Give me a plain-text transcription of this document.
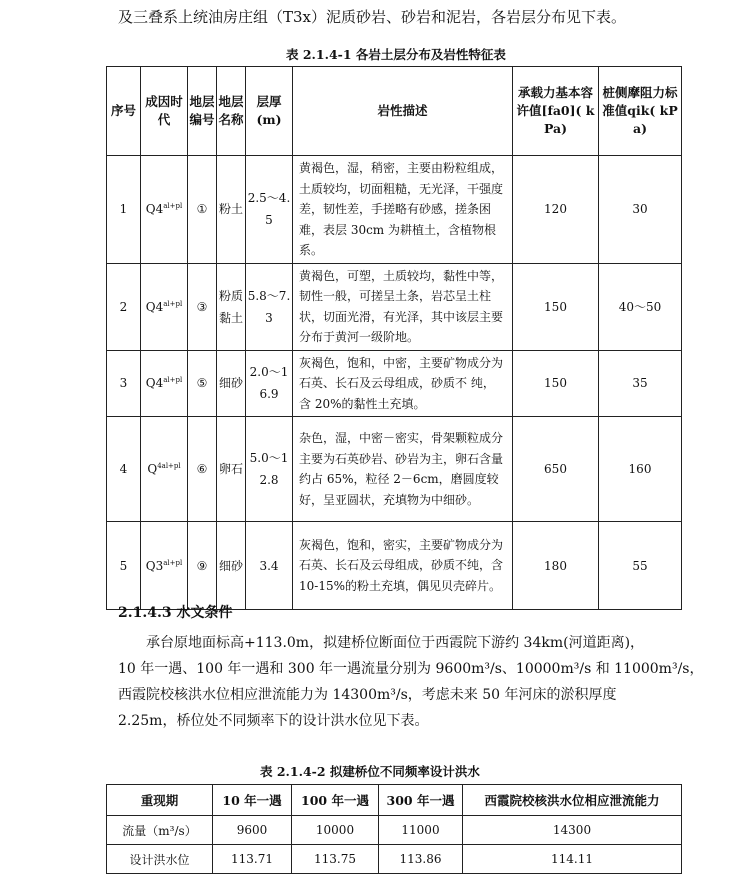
及三叠系上统油房庄组（T3x）泥质砂岩、砂岩和泥岩，各岩层分布见下表。
表 2.1.4-1 各岩土层分布及岩性特征表
序号	成因时代	地层编号	地层名称	层厚(m)	岩性描述	承载力基本容许值[fa0]( kPa)	桩侧摩阻力标准值qik( kPa)
1	$Q4^{al+pl}$	①	粉土	2.5～4.5	黄褐色，湿，稍密，主要由粉粒组成，土质较均，切面粗糙，无光泽，干强度差，韧性差，手搓略有砂感，搓条困难，表层 30cm 为耕植土，含植物根系。	120	30
2	$Q4^{al+pl}$	③	粉质黏土	5.8～7.3	黄褐色，可塑，土质较均，黏性中等，韧性一般，可搓呈土条，岩芯呈土柱状，切面光滑，有光泽，其中该层主要分布于黄河一级阶地。	150	40～50
3	$Q4^{al+pl}$	⑤	细砂	2.0～16.9	灰褐色，饱和，中密，主要矿物成分为石英、长石及云母组成，砂质不 纯，含 20%的黏性土充填。	150	35
4	$Q^{4al+pl}$	⑥	卵石	5.0～12.8	杂色，湿，中密－密实，骨架颗粒成分主要为石英砂岩、砂岩为主，卵石含量约占 65%，粒径 2－6cm，磨圆度较好，呈亚圆状，充填物为中细砂。	650	160
5	$Q3^{al+pl}$	⑨	细砂	3.4	灰褐色，饱和，密实，主要矿物成分为石英、长石及云母组成，砂质不纯，含 10-15%的粉土充填，偶见贝壳碎片。	180	55
2.1.4.3 水文条件
承台原地面标高+113.0m，拟建桥位断面位于西霞院下游约 34km(河道距离)，
10 年一遇、100 年一遇和 300 年一遇流量分别为 9600m³/s、10000m³/s 和 11000m³/s，
西霞院校核洪水位相应泄流能力为 14300m³/s，考虑未来 50 年河床的淤积厚度
2.25m，桥位处不同频率下的设计洪水位见下表。
表 2.1.4-2 拟建桥位不同频率设计洪水
重现期	10 年一遇	100 年一遇	300 年一遇	西霞院校核洪水位相应泄流能力
流量（m³/s）	9600	10000	11000	14300
设计洪水位	113.71	113.75	113.86	114.11
